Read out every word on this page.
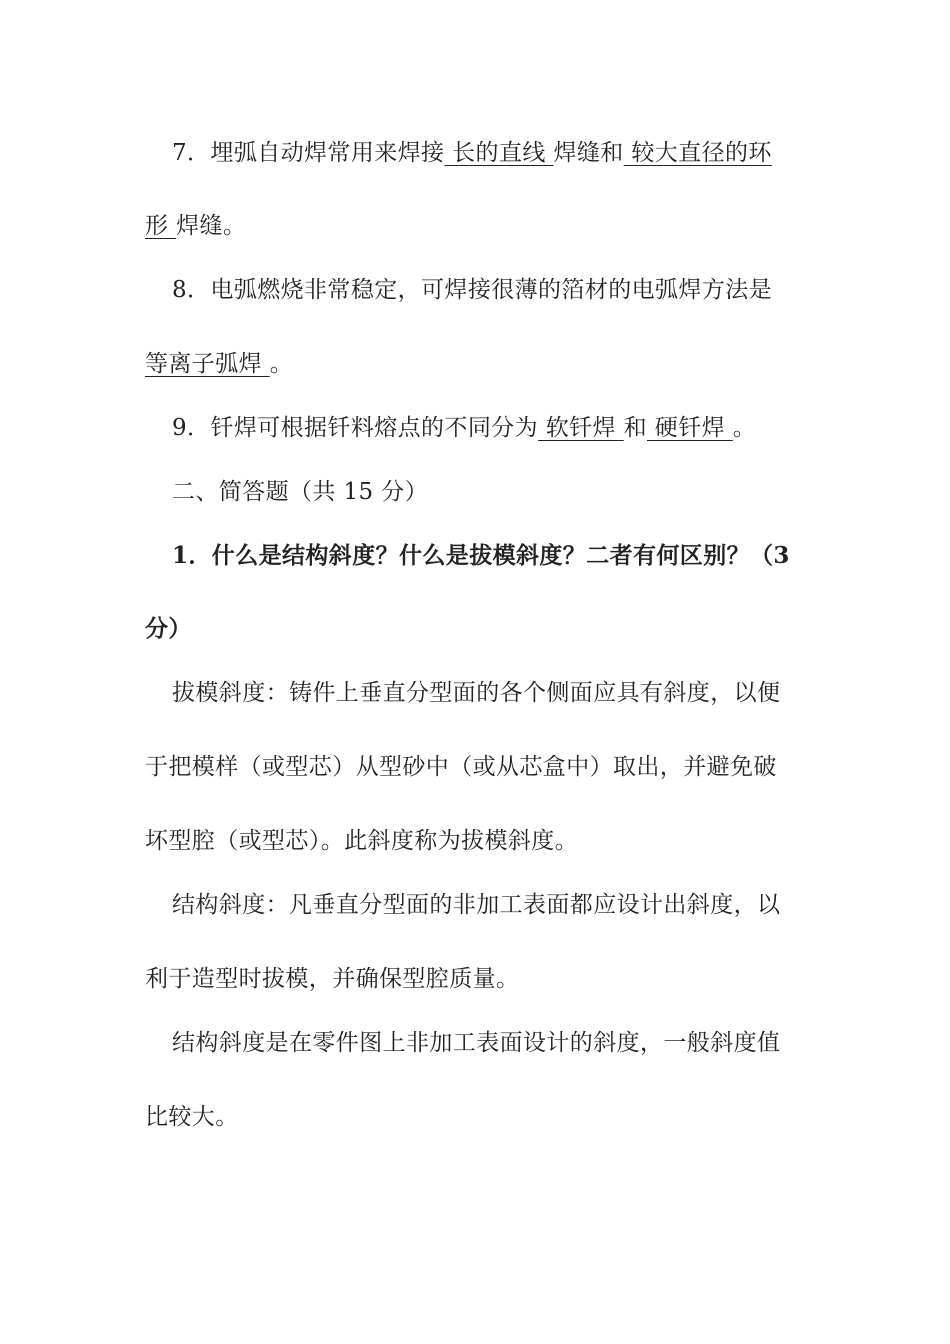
7．埋弧自动焊常用来焊接 长的直线 焊缝和 较大直径的环
形 焊缝。
8．电弧燃烧非常稳定，可焊接很薄的箔材的电弧焊方法是
等离子弧焊 。
9．钎焊可根据钎料熔点的不同分为 软钎焊 和 硬钎焊 。
二、简答题（共 15 分）
1．什么是结构斜度？什么是拔模斜度？二者有何区别？（3
分）
拔模斜度：铸件上垂直分型面的各个侧面应具有斜度，以便
于把模样（或型芯）从型砂中（或从芯盒中）取出，并避免破
坏型腔（或型芯）。此斜度称为拔模斜度。
结构斜度：凡垂直分型面的非加工表面都应设计出斜度，以
利于造型时拔模，并确保型腔质量。
结构斜度是在零件图上非加工表面设计的斜度，一般斜度值
比较大。
